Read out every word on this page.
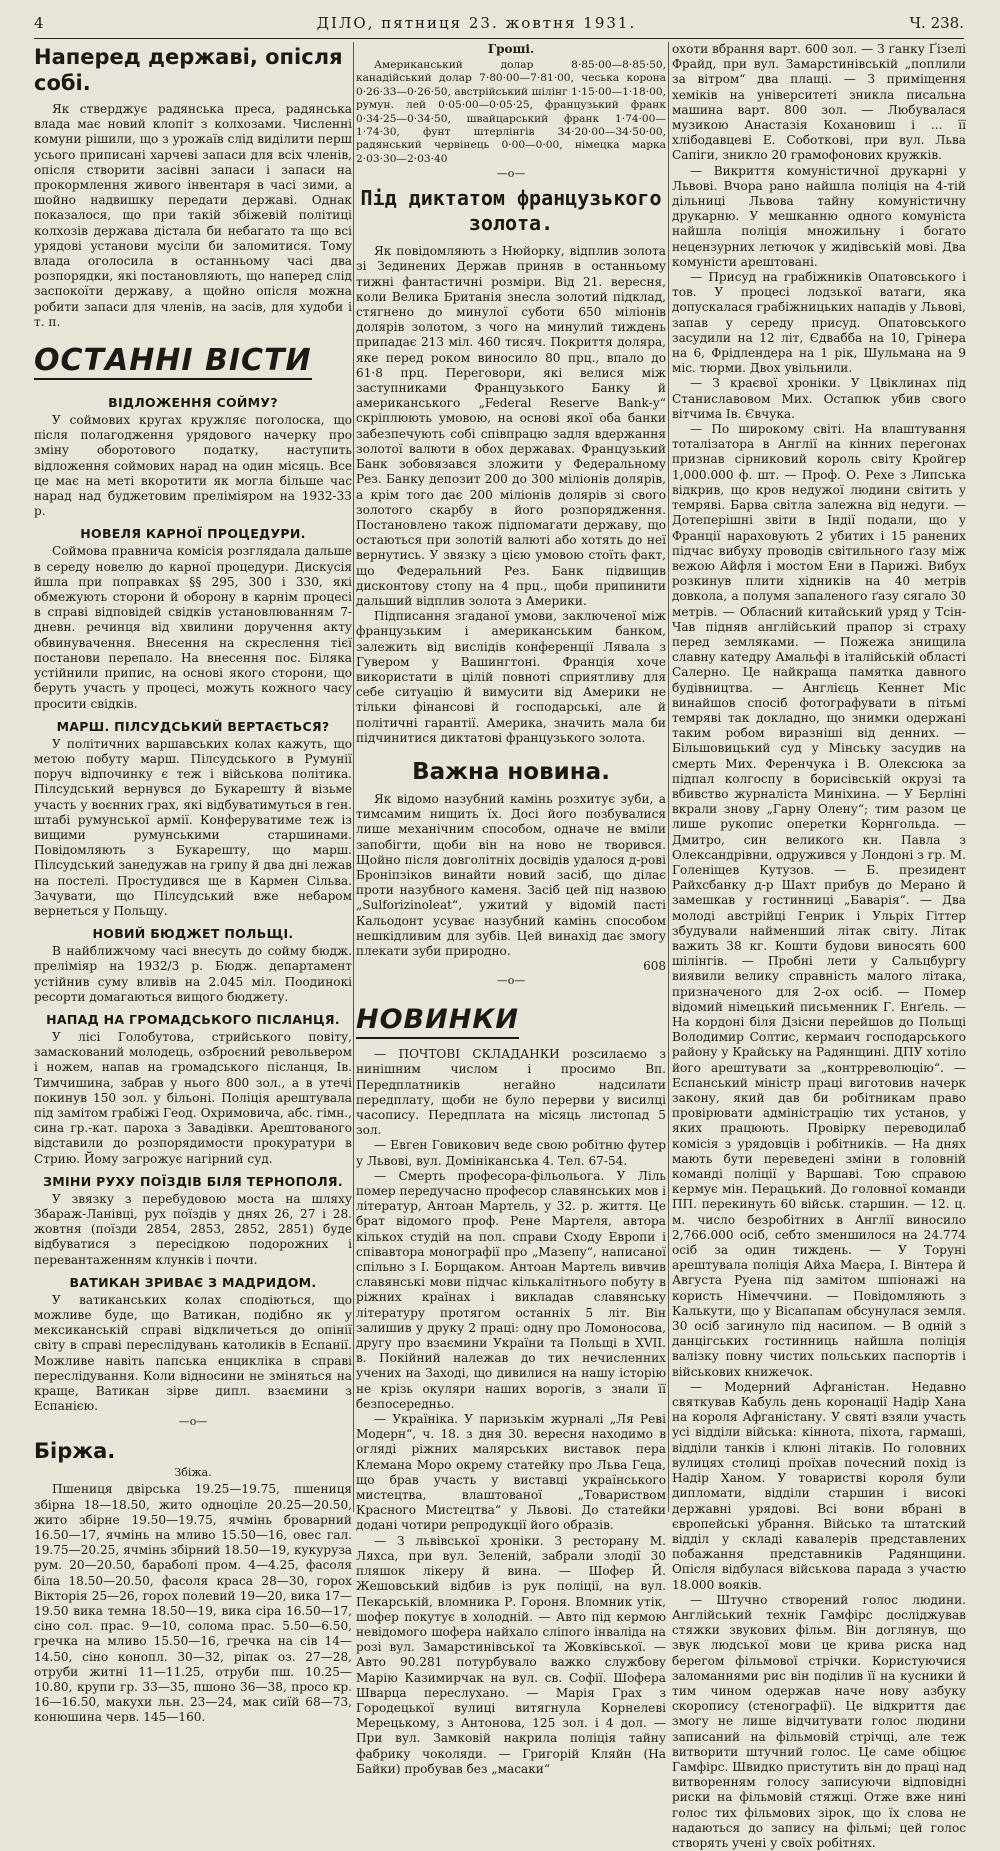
4	ДІЛО, пятниця 23. жовтня 1931.	Ч. 238.
Наперед державі, опісля собі.

Як стверджує радянська преса, радянська влада має новий клопіт з колхозами. Численні комуни рішили, що з урожаїв слід виділити перш усього приписані харчеві запаси для всіх членів, опісля створити засівні запаси і запаси на прокормлення живого інвентаря в часі зими, а шойно надвишку передати державі. Однак показалося, що при такій збіжевій політиці колхозів держава дістала би небагато та що всі урядові установи мусіли би заломитися. Тому влада оголосила в останньому часі два розпорядки, які постановляють, що наперед слід заспокоїти державу, а щойно опісля можна робити запаси для членів, на засів, для худоби і т. п.

ОСТАННІ ВІСТИ
ВІДЛОЖЕННЯ СОЙМУ?

У соймових кругах кружляє поголоска, що після полагодження урядового начерку про зміну оборотового податку, наступить відложення соймових нарад на один місяць. Все це має на меті вкоротити як могла більше час нарад над буджетовим преліміяром на 1932-33 р.

НОВЕЛЯ КАРНОЇ ПРОЦЕДУРИ.

Соймова правнича комісія розглядала дальше в середу новелю до карної процедури. Дискусія йшла при поправках §§ 295, 300 і 330, які обмежують сторони й оборону в карнім процесі в справі відповідей свідків установлюванням 7-дневн. речинця від хвилини доручення акту обвинувачення. Внесення на скреслення тієї постанови перепало. На внесення пос. Біляка устійнили припис, на основі якого сторони, що беруть участь у процесі, можуть кожного часу просити свідків.

МАРШ. ПІЛСУДСЬКИЙ ВЕРТАЄТЬСЯ?

У політичних варшавських колах кажуть, що метою побуту марш. Пілсудського в Румунії поруч відпочинку є теж і військова політика. Пілсудський вернувся до Букарешту й візьме участь у воєнних грах, які відбуватимуться в ген. штабі румунської армії. Конферуватиме теж із вищими румунськими старшинами. Повідомляють з Букарешту, що марш. Пілсудський занедужав на грипу й два дні лежав на постелі. Простудився ще в Кармен Сільва. Зачувати, що Пілсудський вже небаром вернеться у Польщу.

НОВИЙ БЮДЖЕТ ПОЛЬЩІ.

В найближчому часі внесуть до сойму бюдж. преліміяр на 1932/3 р. Бюдж. департамент устійнив суму вливів на 2.045 міл. Поодинокі ресорти домагаються вищого бюджету.

НАПАД НА ГРОМАДСЬКОГО ПІСЛАНЦЯ.

У лісі Голобутова, стрийського повіту, замаскований молодець, озброєний револьвером і ножем, напав на громадського післанця, Ів. Тимчишина, забрав у нього 800 зол., а в утечі покинув 150 зол. у більоні. Поліція арештувала під замітом грабіжі Геод. Охримовича, абс. гімн., сина гр.-кат. пароха з Завадівки. Арештованого відставили до розпорядимости прокуратури в Стрию. Йому загрожує нагірний суд.

ЗМІНИ РУХУ ПОЇЗДІВ БІЛЯ ТЕРНОПОЛЯ.

У звязку з перебудовою моста на шляху Збараж-Ланівці, рух поїздів у днях 26, 27 і 28. жовтня (поїзди 2854, 2853, 2852, 2851) буде відбуватися з пересідкою подорожних і перевантаженням клунків і почти.

ВАТИКАН ЗРИВАЄ З МАДРИДОМ.

У ватиканських колах сподіються, що можливе буде, що Ватикан, подібно як у мексиканській справі відкличеться до опінії світу в справі переслідувань католиків в Еспанії. Можливе навіть папська енцикліка в справі переслідування. Коли відносини не зміняться на краще, Ватикан зірве дипл. взаємини з Еспанією.

—o—
Біржа.
Збіжа.

Пшениця двірська 19.25—19.75, пшениця збірна 18—18.50, жито одноціле 20.25—20.50, жито збірне 19.50—19.75, ячмінь броварний 16.50—17, ячмінь на мливо 15.50—16, овес гал. 19.75—20.25, ячмінь збірний 18.50—19, кукуруза рум. 20—20.50, бараболі пром. 4—4.25, фасоля біла 18.50—20.50, фасоля краса 28—30, горох Вікторія 25—26, горох полевий 19—20, вика 17—19.50 вика темна 18.50—19, вика сіра 16.50—17, сіно сол. прас. 9—10, солома прас. 5.50—6.50, гречка на мливо 15.50—16, гречка на сів 14—14.50, сіно конопл. 30—32, ріпак оз. 27—28, отруби житні 11—11.25, отруби пш. 10.25—10.80, крупи гр. 33—35, пшоно 36—38, просо кр. 16—16.50, макухи льн. 23—24, мак сиїй 68—73, конюшина черв. 145—160.

Гроші.

Американський долар 8·85·00—8·85·50, канадійський долар 7·80·00—7·81·00, чеська корона 0·26·33—0·26·50, австрійський шілінг 1·15·00—1·18·00, румун. лей 0·05·00—0·05·25, французький франк 0·34·25—0·34·50, швайцарський франк 1·74·00—1·74·30, фунт штерлінгів 34·20·00—34·50·00, радянський червінець 0·00—0·00, німецка марка 2·03·30—2·03·40

—o—
Під диктатом французького золота.

Як повідомляють з Нюйорку, відплив золота зі Зединених Держав приняв в останньому тижні фантастичні розміри. Від 21. вересня, коли Велика Британія знесла золотий підклад, стягнено до минулої суботи 650 міліонів долярів золотом, з чого на минулий тиждень припадає 213 міл. 460 тисяч. Покриття доляра, яке перед роком виносило 80 прц., впало до 61·8 прц. Переговори, які велися між заступниками Французького Банку й американського „Federal Reserve Bank-у“ скріплюють умовою, на основі якої оба банки забезпечують собі співпрацю задля вдержання золотої валюти в обох державах. Французький Банк зобовязався зложити у Федеральному Рез. Банку депозит 200 до 300 міліонів долярів, а крім того дає 200 міліонів долярів зі свого золотого скарбу в його розпорядження. Постановлено також підпомагати державу, що остаються при золотій валюті або хотять до неї вернутись. У звязку з цією умовою стоїть факт, що Федеральний Рез. Банк підвищив дисконтову стопу на 4 прц., щоби припинити дальший відплив золота з Америки.

Підписання згаданої умови, заключеної між французьким і американським банком, залежить від вислідів конференції Лявала з Гувером у Вашингтоні. Франція хоче використати в цілій повноті сприятливу для себе ситуацію й вимусити від Америки не тільки фінансові й господарські, але й політичні гарантії. Америка, значить мала би підчинитися диктатові французького золота.

Важна новина.

Як відомо назубний камінь розхитує зуби, а тимсамим нищить їх. Досі його позбувалися лише механічним способом, одначе не вміли запобігти, щоби він на ново не творився. Щойно після довголітніх досвідів удалося д-рові Броніпзіков винайти новий засіб, що ділає проти назубного каменя. Засіб цей під назвою „Sulforizinoleat“, ужитий у відомій пасті Кальодонт усуває назубний камінь способом нешкідливим для зубів. Цей винахід дає змогу плекати зуби природно.

608
—o—
НОВИНКИ

— ПОЧТОВІ СКЛАДАНКИ розсилаємо з нинішним числом і просимо Вп. Передплатників негайно надсилати передплату, щоби не було перерви у висилці часопису. Передплата на місяць листопад 5 зол.

— Евген Говикович веде свою робітню футер у Львові, вул. Домініканська 4. Тел. 67-54.

— Смерть професора-фільольога. У Ліль помер передучасно професор славянських мов і літератур, Антоан Мартель, у 32. р. життя. Це брат відомого проф. Рене Мартеля, автора кількох студій на пол. справи Сходу Европи і співавтора монографії про „Мазепу“, написаної спільно з І. Борщаком. Антоан Мартель вивчив славянські мови підчас кількалітнього побуту в ріжних країнах і викладав славянську літературу протягом останніх 5 літ. Він залишив у друку 2 праці: одну про Ломоносова, другу про взаємини України та Польщі в XVII. в. Покійний належав до тих нечисленних учених на Заході, що дивилися на нашу історію не крізь окуляри наших ворогів, з знали її безпосередньо.

— Українікa. У паризькім журналі „Ля Реві Модерн“, ч. 18. з дня 30. вересня находимо в огляді ріжних малярських виставок пера Клемана Моро окрему статейку про Льва Геца, що брав участь у виставці українського мистецтва, влаштованої „Товариством Красного Мистецтва“ у Львові. До статейки додані чотири репродукції його образів.

— З львівської хроніки. З ресторану М. Ляхса, при вул. Зеленій, забрали злодії 30 пляшок лікеру й вина. — Шофер Й. Жешовський відбив із рук поліції, на вул. Пекарській, вломника Р. Гороня. Вломник утік, шофер покутує в холодній. — Авто під кермою невідомого шофера найхало сліпого інваліда на розі вул. Замарстинівської та Жовківської. — Авто 90.281 потурбувало важко службову Марію Казимирчак на вул. св. Софії. Шофера Шварца переслухано. — Марія Грах з Городецької вулиці витягнула Корнелеві Мерецькому, з Антонова, 125 зол. і 4 дол. — При вул. Замковій накрила поліція тайну фабрику чоколяди. — Григорій Кляйн (На Байки) пробував без „масаки“

охоти вбрання варт. 600 зол. — З ґанку Ґізелі Фрайд, при вул. Замарстинівській „поплили за вітром“ два плащі. — З приміщення хеміків на університеті зникла писальна машина варт. 800 зол. — Любувалася музикою Анастазія Кохановиш і ... її хлібодавцеві Е. Соботкові, при вул. Льва Сапіги, зникло 20 грамофонових кружків.

— Викриття комуністичної друкарні у Львові. Вчора рано найшла поліція на 4-тій дільниці Львова тайну комуністичну друкарню. У мешканню одного комуніста найшла поліція множильну і богато нецензурних летючок у жидівській мові. Два комуністи арештовані.

— Присуд на грабіжників Опатовського і тов. У процесі лодзької ватаги, яка допускалася грабіжницьких нападів у Львові, запав у середу присуд. Опатовського засудили на 12 літ, Єдвабба на 10, Грінера на 6, Фрідлендера на 1 рік, Шульмана на 9 міс. тюрми. Двох увільнили.

— З краєвої хроніки. У Цвіклинах під Станиславовом Мих. Остапюк убив свого вітчима Ів. Євчука.

— По широкому світі. На влаштування тоталізатора в Англії на кінних перегонах признав сірниковий король світу Кройгер 1,000.000 ф. шт. — Проф. О. Рехе з Липська відкрив, що кров недужої людини світить у темряві. Барва світла залежна від недуги. — Дотеперішні звіти в Індії подали, що у Франції нараховують 2 убитих і 15 ранених підчас вибуху проводів світильного ґазу між вежою Айфля і мостом Ени в Парижі. Вибух розкинув плити хідників на 40 метрів довкола, а полумя запаленого ґазу сягало 30 метрів. — Обласний китайський уряд у Тсін-Чав підняв англійський прапор зі страху перед земляками. — Пожежа знищила славну катедру Амальфі в італійській області Салерно. Це найкраща памятка давного будівництва. — Англієць Кеннет Міс винайшов спосіб фотографувати в пітьмі темряві так докладно, що знимки одержані таким робом виразніші від денних. — Більшовицький суд у Мінську засудив на смерть Мих. Ференчука і В. Олексюка за підпал колгоспу в борисівській окрузі та вбивство журналіста Миніхина. — У Берліні вкрали знову „Гарну Олену“; тим разом це лише рукопис оперетки Корнгольда. — Дмитро, син великого кн. Павла з Олександрівни, одружився у Лондоні з гр. М. Голеніщев Кутузов. — Б. президент Райхсбанку д-р Шахт прибув до Мерано й замешкав у гостинниці „Баварія“. — Два молоді австрійці Генрик і Ульріх Гіттер збудували найменший літак світу. Літак важить 38 кг. Кошти будови виносять 600 шілінгів. — Пробні лети у Сальцбургу виявили велику справність малого літака, призначеного для 2-ох осіб. — Помер відомий німецький письменник Г. Енґель. — На кордоні біля Дзісни перейшов до Польщі Володимир Солтис, кермаич господарського району у Крайську на Радянщині. ДПУ хотіло його арештувати за „контрреволюцію“. — Еспанський міністр праці виготовив начерк закону, який дав би робітникам право провірювати адміністрацію тих установ, у яких працюють. Провірку переводилаб комісія з урядовців і робітників. — На днях мають бути переведені зміни в головній команді поліції у Варшаві. Тою справою кермує мін. Перацький. До головної команди ПП. перекинуть 60 військ. старшин. — 12. ц. м. число безробітних в Англії виносило 2,766.000 осіб, себто зменшилося на 24.774 осіб за один тиждень. — У Торуні арештувала поліція Айха Маєра, І. Вінтера й Августа Руена під замітом шпіонажі на користь Німеччини. — Повідомляють з Калькути, що у Вісапапам обсунулася земля. 30 осіб загинуло під насипом. — В одній з данцігських гостинниць найшла поліція валізку повну чистих польських паспортів і військових книжечок.

— Модерний Афганістан. Недавно святкував Кабуль день коронації Надір Хана на короля Афганістану. У святі взяли участь усі відділи війська: кіннота, піхота, гармаші, відділи танків і клюні літаків. По головних вулицях столиці проїхав почесний похід із Надір Ханом. У товаристві короля були дипломати, відділи старшин і високі державні урядові. Всі вони вбрані в європейські убрання. Військо та штатский відділ у складі кавалерів представлених побажання представників Радянщини. Опісля відбулася військова парада з участю 18.000 вояків.

— Штучно створений голос людини. Англійський технік Гамфірс досліджував стяжки звукових фільм. Він доглянув, що звук людської мови це крива риска над берегом фільмової стрічки. Користуючися заломаннями рис він поділив її на кусники й тим чином одержав наче нову азбуку скоропису (стенографії). Це відкриття дає змогу не лише відчитувати голос людини записаний на фільмовій стрічці, але теж витворити штучний голос. Це саме обіцює Гамфірс. Швидко пристутить він до праці над витворенням голосу записуючи відповідні риски на фільмовій стяжці. Отже вже нині голос тих фільмових зірок, що їх слова не надаються до запису на фільмі; цей голос створять учені у своїх робітнях.
